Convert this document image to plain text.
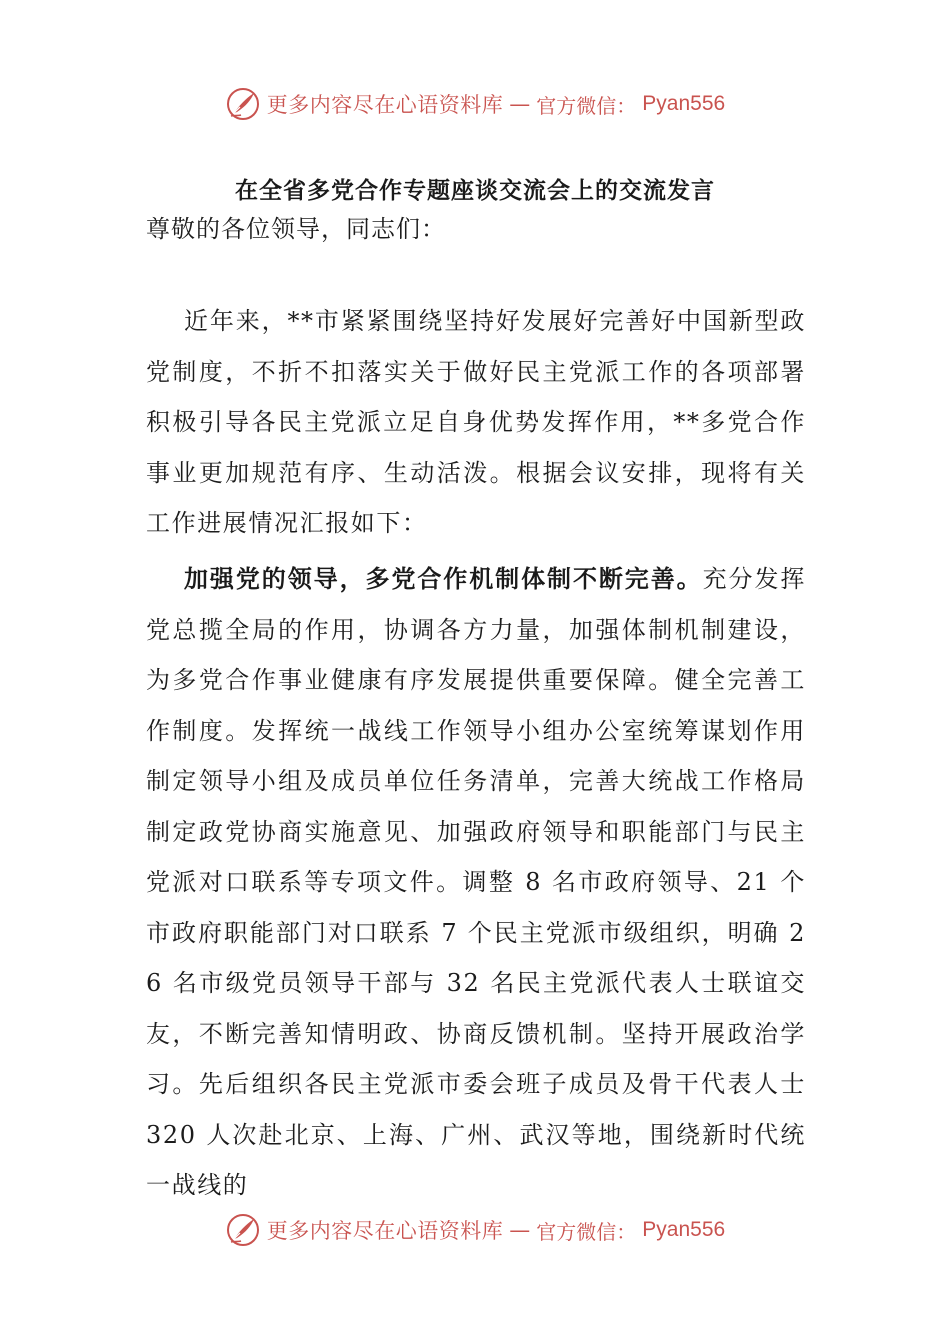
更多内容尽在心语资料库 — 官方微信： Pyan556
在全省多党合作专题座谈交流会上的交流发言

尊敬的各位领导，同志们：

近年来，**市紧紧围绕坚持好发展好完善好中国新型政党制度，不折不扣落实关于做好民主党派工作的各项部署积极引导各民主党派立足自身优势发挥作用，**多党合作事业更加规范有序、生动活泼。根据会议安排，现将有关工作进展情况汇报如下：

加强党的领导，多党合作机制体制不断完善。充分发挥党总揽全局的作用，协调各方力量，加强体制机制建设，为多党合作事业健康有序发展提供重要保障。健全完善工作制度。发挥统一战线工作领导小组办公室统筹谋划作用制定领导小组及成员单位任务清单，完善大统战工作格局制定政党协商实施意见、加强政府领导和职能部门与民主党派对口联系等专项文件。调整 8 名市政府领导、21 个市政府职能部门对口联系 7 个民主党派市级组织，明确 26 名市级党员领导干部与 32 名民主党派代表人士联谊交友，不断完善知情明政、协商反馈机制。坚持开展政治学习。先后组织各民主党派市委会班子成员及骨干代表人士 320 人次赴北京、上海、广州、武汉等地，围绕新时代统一战线的

更多内容尽在心语资料库 — 官方微信： Pyan556
